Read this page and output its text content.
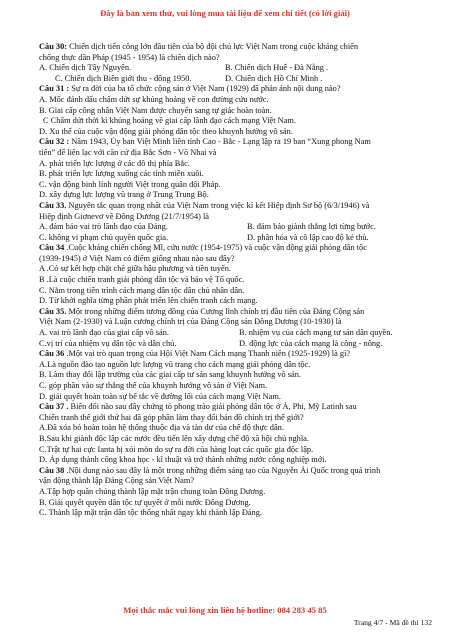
Đây là bản xem thử, vui lòng mua tài liệu để xem chi tiết (có lời giải)
Câu 30: Chiến dịch tiến công lớn đầu tiên của bộ đội chủ lực Việt Nam trong cuộc kháng chiến
chống thực dân Pháp (1945 - 1954) là chiến dịch nào?
A. Chiến dịch Tây Nguyên.	B. Chiến dịch Huế - Đà Nẵng .
C. Chiến dịch Biên giới thu - đông 1950.	D. Chiến dịch Hồ Chí Minh .
Câu 31 : Sự ra đời của ba tổ chức cộng sản ở Việt Nam (1929) đã phản ánh nội dung nào?
A. Mốc đánh dấu chấm dứt sự khủng hoảng về con đường cứu nước.
B. Giai cấp công nhân Việt Nam được chuyển sang tự giác hoàn toàn.
C Chấm dứt thời kì khủng hoảng về giai cấp lãnh đạo cách mạng Việt Nam.
D. Xu thế của cuộc vận động giải phóng dân tộc theo khuynh hướng vô sản.
Câu 32 : Năm 1943, Ủy ban Việt Minh liên tỉnh Cao - Bắc - Lạng lập ra 19 ban “Xung phong Nam
tiến” để liên lạc với căn cứ địa Bắc Sơn - Võ Nhai và
A. phát triển lực lượng ở các đô thị phía Bắc.
B. phát triển lực lượng xuống các tỉnh miền xuôi.
C. vận động binh lính người Việt trong quân đội Pháp.
D. xây dựng lực lượng vũ trang ở Trung Trung Bộ.
Câu 33. Nguyên tắc quan trọng nhất của Việt Nam trong việc kí kết Hiệp định Sơ bộ (6/3/1946) và
Hiệp định Giơnevơ về Đông Dương (21/7/1954) là
A. đảm bảo vai trò lãnh đạo của Đảng.	B. đảm bảo giành thắng lợi từng bước.
C. không vi phạm chủ quyền quốc gia.	D. phân hóa và cô lập cao độ kẻ thù.
Câu 34 .Cuộc kháng chiến chống Mĩ, cứu nước (1954-1975) và cuộc vận động giải phóng dân tộc
(1939-1945) ở Việt Nam có điểm giống nhau nào sau đây?
A .Có sự kết hợp chặt chẽ giữa hậu phương và tiền tuyến.
B .Là cuộc chiến tranh giải phóng dân tộc và bảo vệ Tổ quốc.
C. Nằm trong tiến trình cách mạng dân tộc dân chủ nhân dân.
D. Từ khởi nghĩa từng phần phát triển lên chiến tranh cách mạng.
Câu 35. Một trong những điểm tương đồng của Cương lĩnh chính trị đầu tiên của Đảng Cộng sản
Việt Nam (2-1930) và Luận cương chính trị của Đảng Cộng sản Đông Dương (10-1930) là
A. vai trò lãnh đạo của giai cấp vô sản.	B. nhiệm vụ của cách mạng tư sản dân quyền.
C.vị trí của nhiệm vụ dân tộc và dân chủ.	D. động lực của cách mạng là công - nông.
Câu 36 .Một vai trò quan trọng của Hội Việt Nam Cách mạng Thanh niên (1925-1929) là gì?
A.Là nguồn đào tạo nguồn lực lượng vũ trang cho cách mạng giải phóng dân tộc.
B. Làm thay đổi lập trường của các giai cấp tư sản sang khuynh hướng vô sản.
C. góp phần vào sự thắng thế của khuynh hướng vô sản ở Việt Nam.
D. giải quyết hoàn toàn sự bế tắc về đường lối của cách mạng Việt Nam.
Câu 37 . Biến đổi nào sau đây chứng tỏ phong trào giải phóng dân tộc ở Á, Phi, Mỹ Latinh sau
Chiến tranh thế giới thứ hai đã góp phần làm thay đổi bản đồ chính trị thế giới?
A.Đã xóa bỏ hoàn toàn hệ thống thuộc địa và tàn dư của chế độ thực dân.
B.Sau khi giành độc lập các nước đều tiến lên xây dựng chế độ xã hội chủ nghĩa.
C.Trật tự hai cực Ianta bị xói mòn do sự ra đời của hàng loạt các quốc gia độc lập.
D. Áp dụng thành công khoa học - kĩ thuật và trở thành những nước công nghiệp mới.
Câu 38 .Nội dung nào sau đây là một trong những điểm sáng tạo của Nguyễn Ái Quốc trong quá trình
vận động thành lập Đảng Cộng sản Việt Nam?
A.Tập hợp quần chúng thành lập mặt trận chung toàn Đông Dương.
B. Giải quyết quyền dân tộc tự quyết ở mỗi nước Đông Dương.
C. Thành lập mặt trận dân tộc thống nhất ngay khi thành lập Đảng.
Mọi thắc mắc vui lòng xin liên hệ hotline: 084 283 45 85
Trang 4/7 - Mã đề thi 132
